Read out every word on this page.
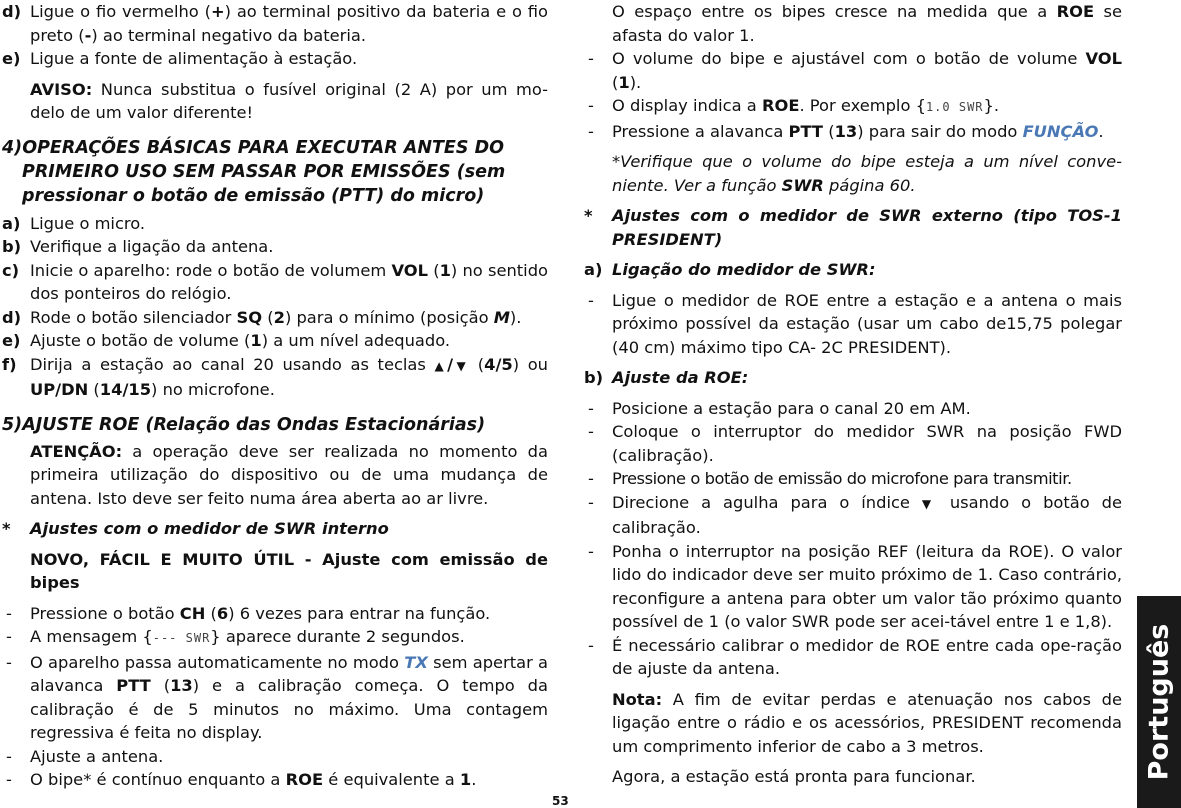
d) Ligue o fio vermelho (+) ao terminal positivo da bateria e o fio preto (-) ao terminal negativo da bateria.
e) Ligue a fonte de alimentação à estação.
AVISO: Nunca substitua o fusível original (2 A) por um mo-delo de um valor diferente!
4)OPERAÇÕES BÁSICAS PARA EXECUTAR ANTES DO
PRIMEIRO USO SEM PASSAR POR EMISSÕES (sem
pressionar o botão de emissão (PTT) do micro)
a) Ligue o micro.
b) Verifique a ligação da antena.
c) Inicie o aparelho: rode o botão de volumem VOL (1) no sentido dos ponteiros do relógio.
d) Rode o botão silenciador SQ (2) para o mínimo (posição M).
e) Ajuste o botão de volume (1) a um nível adequado.
f) Dirija a estação ao canal 20 usando as teclas ▲/▼ (4/5) ou UP/DN (14/15) no microfone.
5)AJUSTE ROE (Relação das Ondas Estacionárias)
ATENÇÃO: a operação deve ser realizada no momento da primeira utilização do dispositivo ou de uma mudança de antena. Isto deve ser feito numa área aberta ao ar livre.
* Ajustes com o medidor de SWR interno
NOVO, FÁCIL E MUITO ÚTIL - Ajuste com emissão de bipes
- Pressione o botão CH (6) 6 vezes para entrar na função.
- A mensagem {--- SWR} aparece durante 2 segundos.
- O aparelho passa automaticamente no modo TX sem apertar a alavanca PTT (13) e a calibração começa. O tempo da calibração é de 5 minutos no máximo. Uma contagem regressiva é feita no display.
- Ajuste a antena.
- O bipe* é contínuo enquanto a ROE é equivalente a 1.
O espaço entre os bipes cresce na medida que a ROE se afasta do valor 1.
- O volume do bipe e ajustável com o botão de volume VOL (1).
- O display indica a ROE. Por exemplo {1.0 SWR}.
- Pressione a alavanca PTT (13) para sair do modo FUNÇÃO.
*Verifique que o volume do bipe esteja a um nível conve-niente. Ver a função SWR página 60.
* Ajustes com o medidor de SWR externo (tipo TOS-1 PRESIDENT)
a) Ligação do medidor de SWR:
- Ligue o medidor de ROE entre a estação e a antena o mais próximo possível da estação (usar um cabo de15,75 polegar (40 cm) máximo tipo CA- 2C PRESIDENT).
b) Ajuste da ROE:
- Posicione a estação para o canal 20 em AM.
- Coloque o interruptor do medidor SWR na posição FWD (calibração).
- Pressione o botão de emissão do microfone para transmitir.
- Direcione a agulha para o índice ▼ usando o botão de calibração.
- Ponha o interruptor na posição REF (leitura da ROE). O valor lido do indicador deve ser muito próximo de 1. Caso contrário, reconfigure a antena para obter um valor tão próximo quanto possível de 1 (o valor SWR pode ser acei-tável entre 1 e 1,8).
- É necessário calibrar o medidor de ROE entre cada ope-ração de ajuste da antena.
Nota: A fim de evitar perdas e atenuação nos cabos de ligação entre o rádio e os acessórios, PRESIDENT recomenda um comprimento inferior de cabo a 3 metros.
Agora, a estação está pronta para funcionar.	Português
53
